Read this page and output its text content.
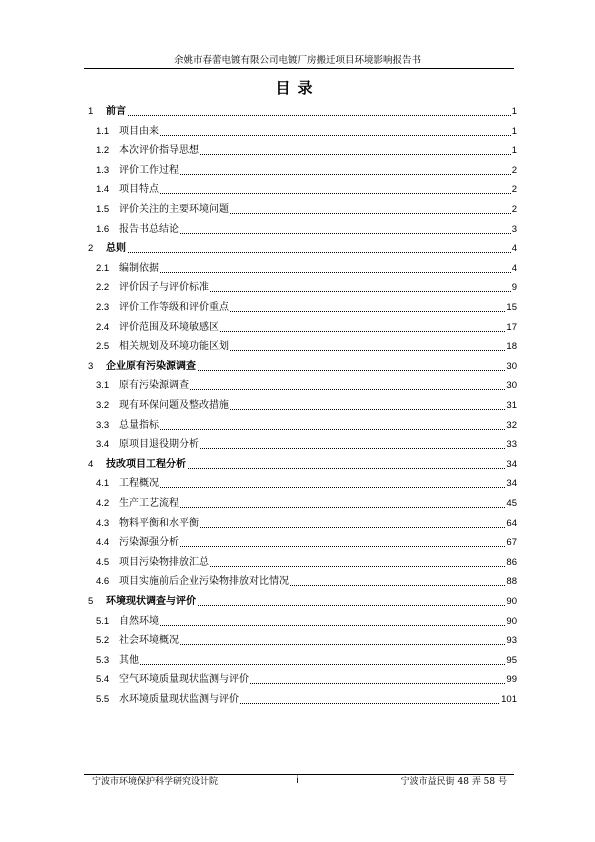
余姚市春蕾电镀有限公司电镀厂房搬迁项目环境影响报告书
目录
1 前言	1
1.1 项目由来	1
1.2 本次评价指导思想	1
1.3 评价工作过程	2
1.4 项目特点	2
1.5 评价关注的主要环境问题	2
1.6 报告书总结论	3
2 总则	4
2.1 编制依据	4
2.2 评价因子与评价标准	9
2.3 评价工作等级和评价重点	15
2.4 评价范围及环境敏感区	17
2.5 相关规划及环境功能区划	18
3 企业原有污染源调查	30
3.1 原有污染源调查	30
3.2 现有环保问题及整改措施	31
3.3 总量指标	32
3.4 原项目退役期分析	33
4 技改项目工程分析	34
4.1 工程概况	34
4.2 生产工艺流程	45
4.3 物料平衡和水平衡	64
4.4 污染源强分析	67
4.5 项目污染物排放汇总	86
4.6 项目实施前后企业污染物排放对比情况	88
5 环境现状调查与评价	90
5.1 自然环境	90
5.2 社会环境概况	93
5.3 其他	95
5.4 空气环境质量现状监测与评价	99
5.5 水环境质量现状监测与评价	101
宁波市环境保护科学研究设计院	i	宁波市益民街 48 弄 58 号
